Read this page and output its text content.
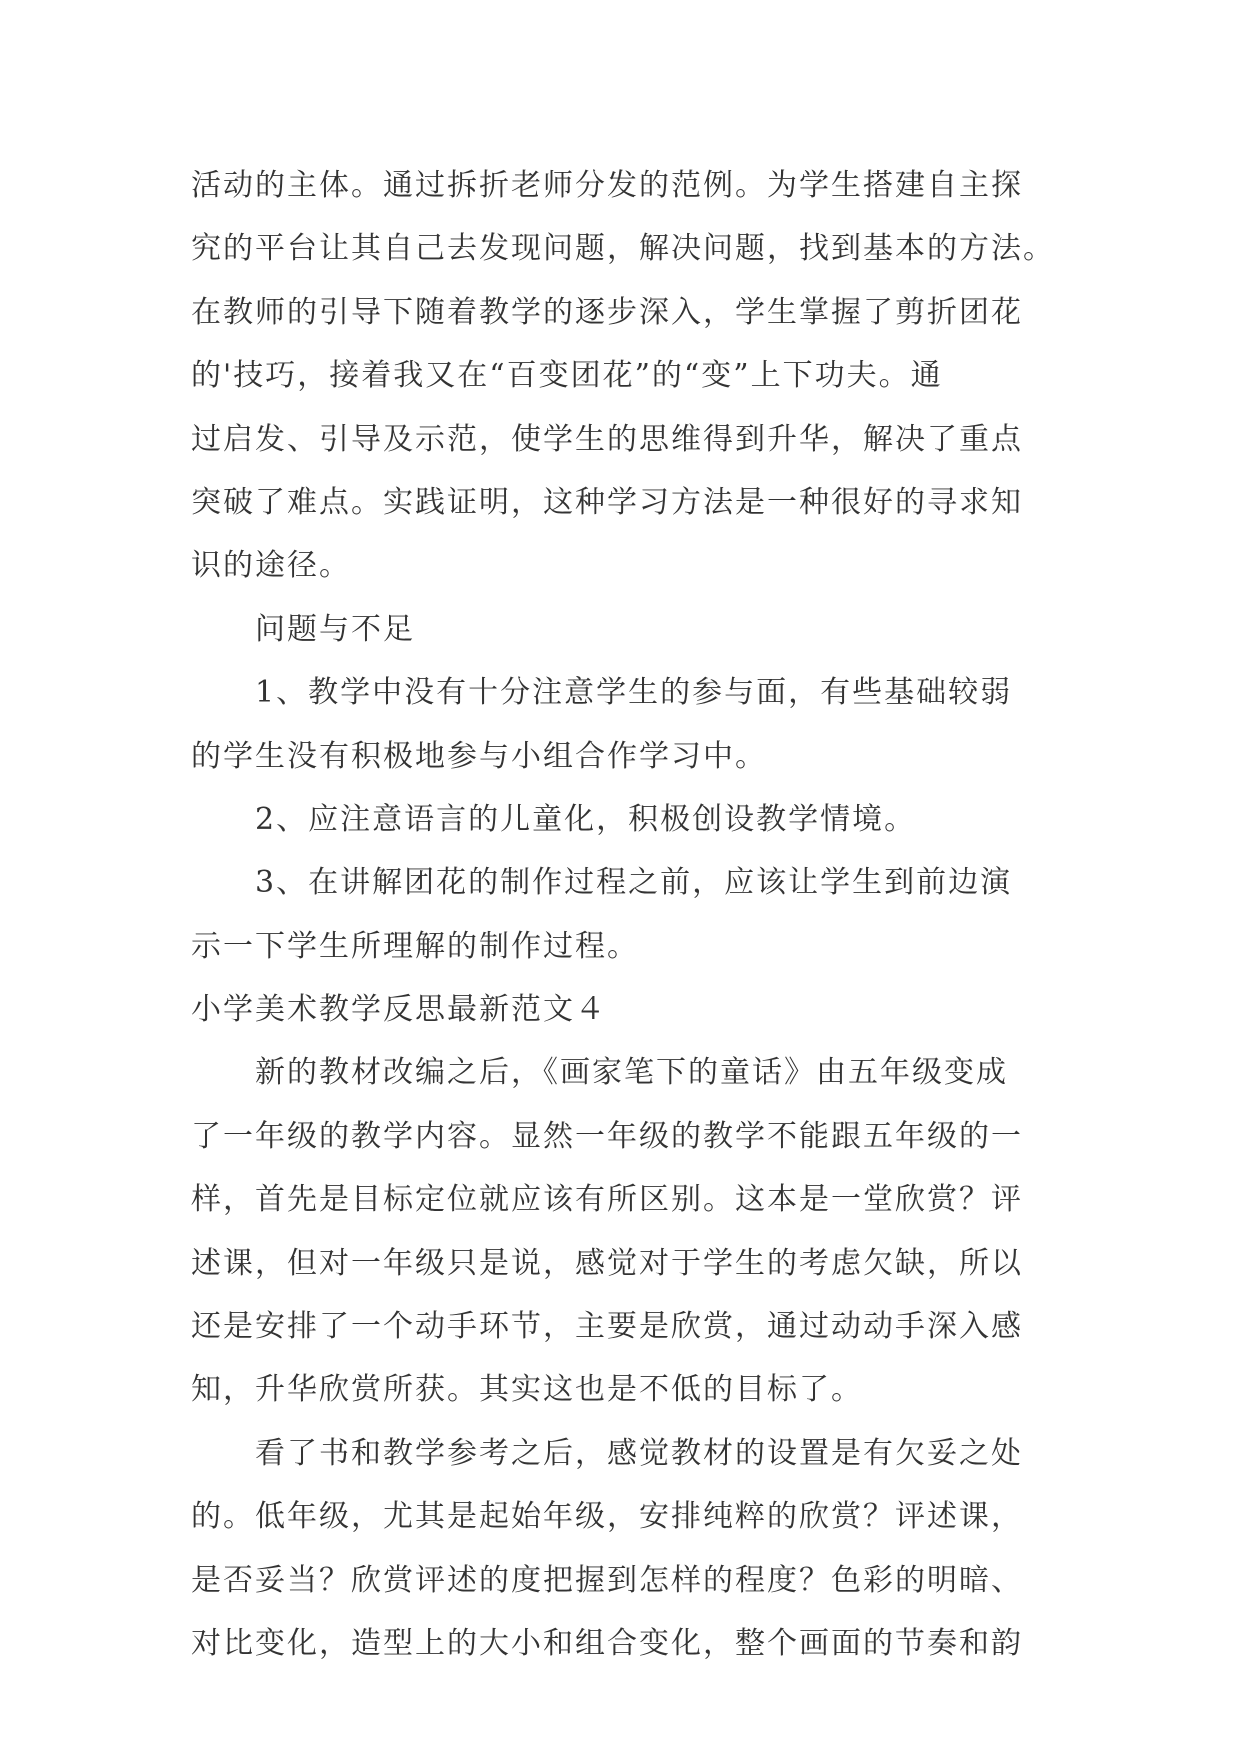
活动的主体。通过拆折老师分发的范例。为学生搭建自主探
究的平台让其自己去发现问题，解决问题，找到基本的方法。
在教师的引导下随着教学的逐步深入，学生掌握了剪折团花
的'技巧，接着我又在“百变团花”的“变”上下功夫。通
过启发、引导及示范，使学生的思维得到升华，解决了重点
突破了难点。实践证明，这种学习方法是一种很好的寻求知
识的途径。
问题与不足
1、教学中没有十分注意学生的参与面，有些基础较弱
的学生没有积极地参与小组合作学习中。
2、应注意语言的儿童化，积极创设教学情境。
3、在讲解团花的制作过程之前，应该让学生到前边演
示一下学生所理解的制作过程。
小学美术教学反思最新范文４
新的教材改编之后，《画家笔下的童话》由五年级变成
了一年级的教学内容。显然一年级的教学不能跟五年级的一
样，首先是目标定位就应该有所区别。这本是一堂欣赏？评
述课，但对一年级只是说，感觉对于学生的考虑欠缺，所以
还是安排了一个动手环节，主要是欣赏，通过动动手深入感
知，升华欣赏所获。其实这也是不低的目标了。
看了书和教学参考之后，感觉教材的设置是有欠妥之处
的。低年级，尤其是起始年级，安排纯粹的欣赏？评述课，
是否妥当？欣赏评述的度把握到怎样的程度？色彩的明暗、
对比变化，造型上的大小和组合变化，整个画面的节奏和韵
